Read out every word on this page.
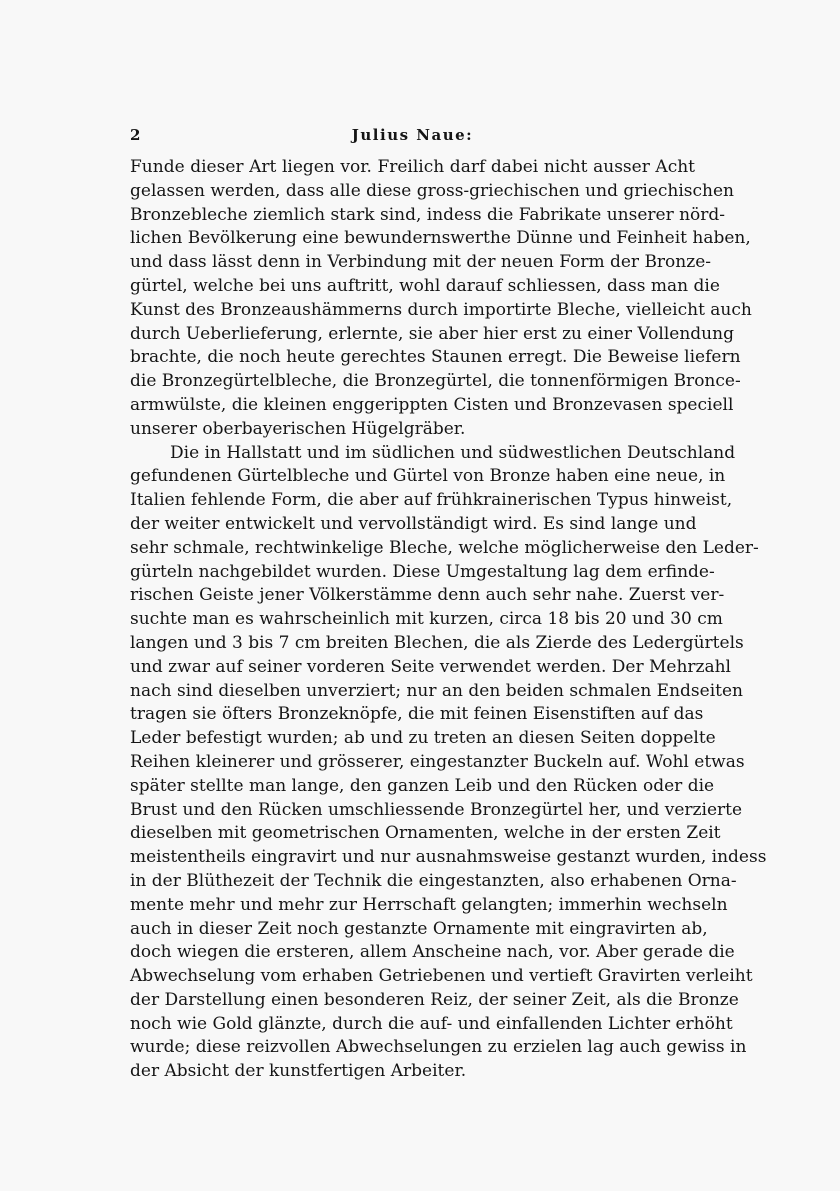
2	Julius Naue:
Funde dieser Art liegen vor. Freilich darf dabei nicht ausser Acht
gelassen werden, dass alle diese gross-griechischen und griechischen
Bronzebleche ziemlich stark sind, indess die Fabrikate unserer nörd-
lichen Bevölkerung eine bewundernswerthe Dünne und Feinheit haben,
und dass lässt denn in Verbindung mit der neuen Form der Bronze-
gürtel, welche bei uns auftritt, wohl darauf schliessen, dass man die
Kunst des Bronzeaushämmerns durch importirte Bleche, vielleicht auch
durch Ueberlieferung, erlernte, sie aber hier erst zu einer Vollendung
brachte, die noch heute gerechtes Staunen erregt. Die Beweise liefern
die Bronzegürtelbleche, die Bronzegürtel, die tonnenförmigen Bronce-
armwülste, die kleinen enggerippten Cisten und Bronzevasen speciell
unserer oberbayerischen Hügelgräber.
Die in Hallstatt und im südlichen und südwestlichen Deutschland
gefundenen Gürtelbleche und Gürtel von Bronze haben eine neue, in
Italien fehlende Form, die aber auf frühkrainerischen Typus hinweist,
der weiter entwickelt und vervollständigt wird. Es sind lange und
sehr schmale, rechtwinkelige Bleche, welche möglicherweise den Leder-
gürteln nachgebildet wurden. Diese Umgestaltung lag dem erfinde-
rischen Geiste jener Völkerstämme denn auch sehr nahe. Zuerst ver-
suchte man es wahrscheinlich mit kurzen, circa 18 bis 20 und 30 cm
langen und 3 bis 7 cm breiten Blechen, die als Zierde des Ledergürtels
und zwar auf seiner vorderen Seite verwendet werden. Der Mehrzahl
nach sind dieselben unverziert; nur an den beiden schmalen Endseiten
tragen sie öfters Bronzeknöpfe, die mit feinen Eisenstiften auf das
Leder befestigt wurden; ab und zu treten an diesen Seiten doppelte
Reihen kleinerer und grösserer, eingestanzter Buckeln auf. Wohl etwas
später stellte man lange, den ganzen Leib und den Rücken oder die
Brust und den Rücken umschliessende Bronzegürtel her, und verzierte
dieselben mit geometrischen Ornamenten, welche in der ersten Zeit
meistentheils eingravirt und nur ausnahmsweise gestanzt wurden, indess
in der Blüthezeit der Technik die eingestanzten, also erhabenen Orna-
mente mehr und mehr zur Herrschaft gelangten; immerhin wechseln
auch in dieser Zeit noch gestanzte Ornamente mit eingravirten ab,
doch wiegen die ersteren, allem Anscheine nach, vor. Aber gerade die
Abwechselung vom erhaben Getriebenen und vertieft Gravirten verleiht
der Darstellung einen besonderen Reiz, der seiner Zeit, als die Bronze
noch wie Gold glänzte, durch die auf- und einfallenden Lichter erhöht
wurde; diese reizvollen Abwechselungen zu erzielen lag auch gewiss in
der Absicht der kunstfertigen Arbeiter.
